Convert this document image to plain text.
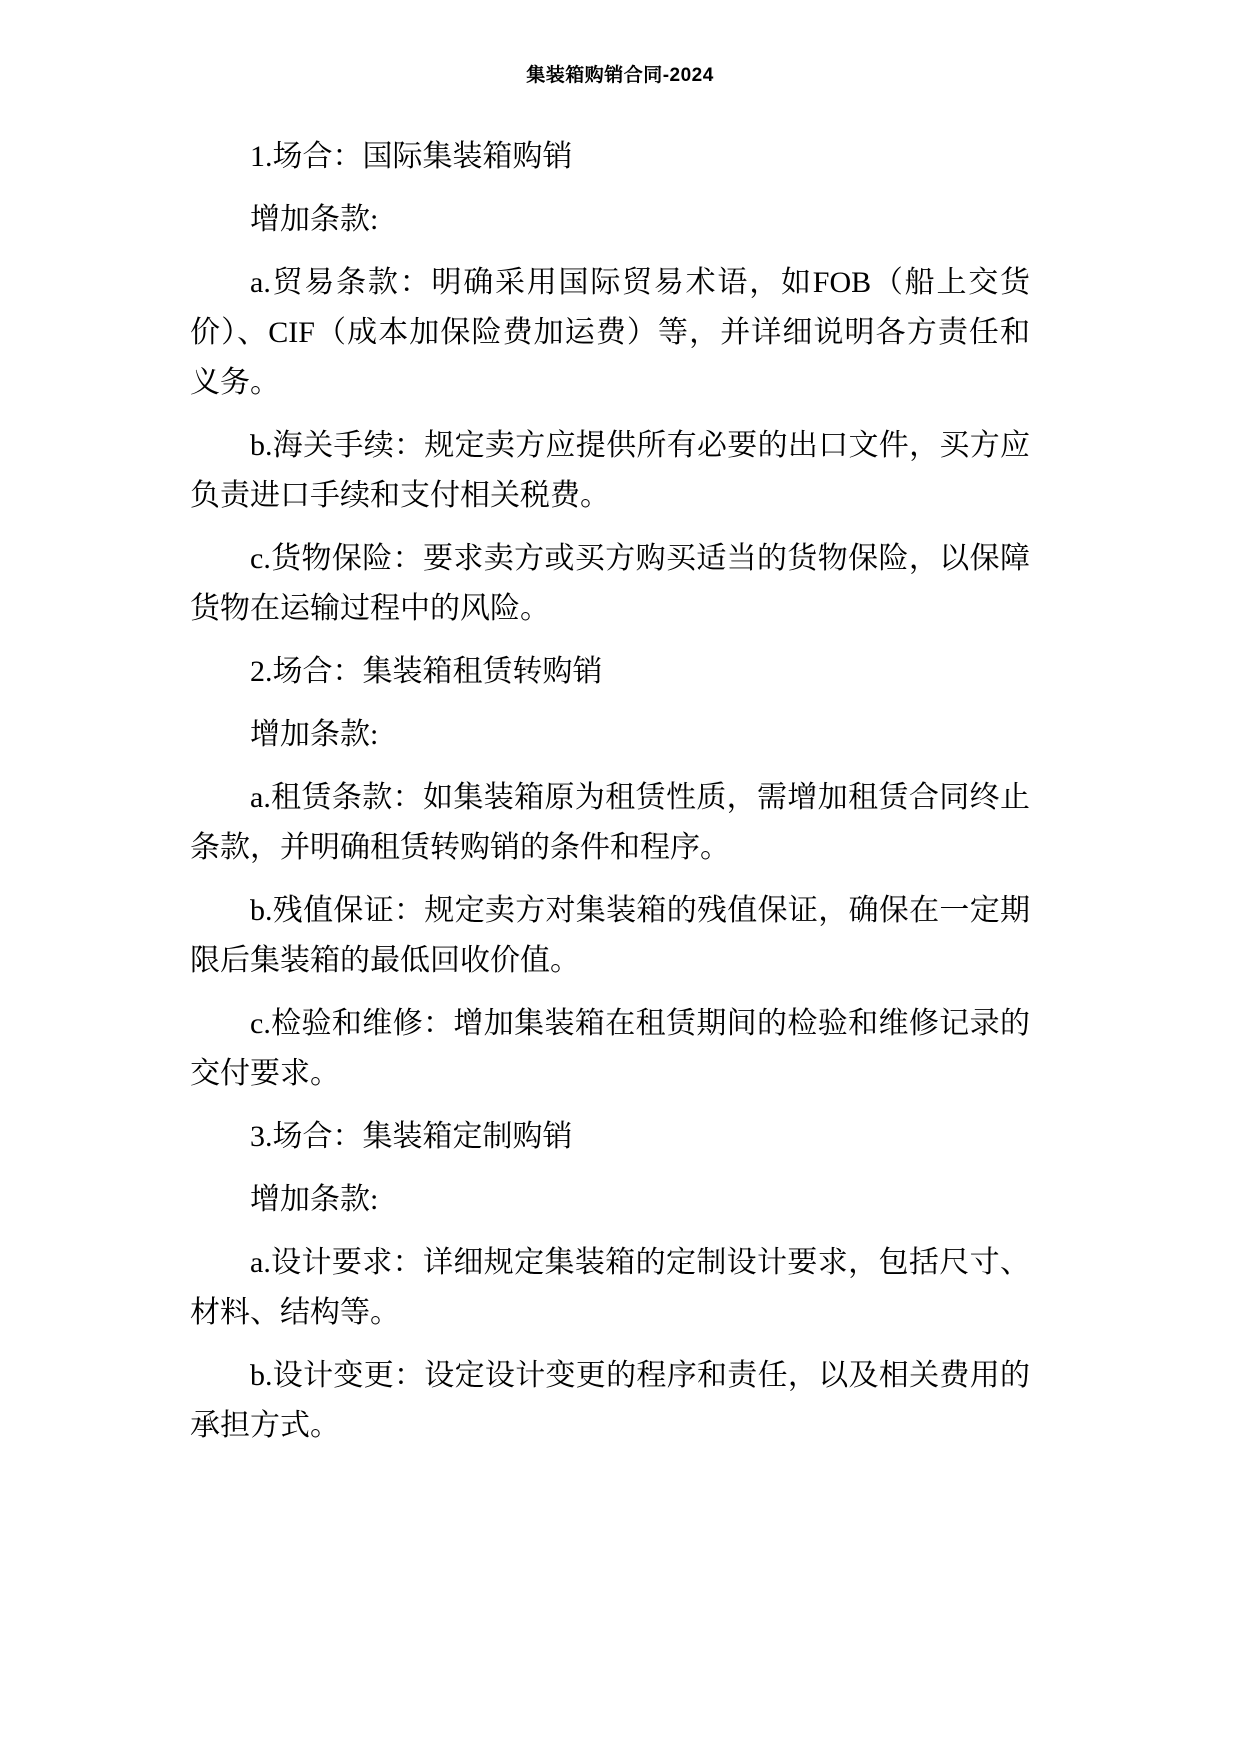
集装箱购销合同-2024

1.场合：国际集装箱购销

增加条款:

a.贸易条款：明确采用国际贸易术语，如FOB（船上交货价）、CIF（成本加保险费加运费）等，并详细说明各方责任和义务。

b.海关手续：规定卖方应提供所有必要的出口文件，买方应负责进口手续和支付相关税费。

c.货物保险：要求卖方或买方购买适当的货物保险，以保障货物在运输过程中的风险。

2.场合：集装箱租赁转购销

增加条款:

a.租赁条款：如集装箱原为租赁性质，需增加租赁合同终止条款，并明确租赁转购销的条件和程序。

b.残值保证：规定卖方对集装箱的残值保证，确保在一定期限后集装箱的最低回收价值。

c.检验和维修：增加集装箱在租赁期间的检验和维修记录的交付要求。

3.场合：集装箱定制购销

增加条款:

a.设计要求：详细规定集装箱的定制设计要求，包括尺寸、材料、结构等。

b.设计变更：设定设计变更的程序和责任，以及相关费用的承担方式。
